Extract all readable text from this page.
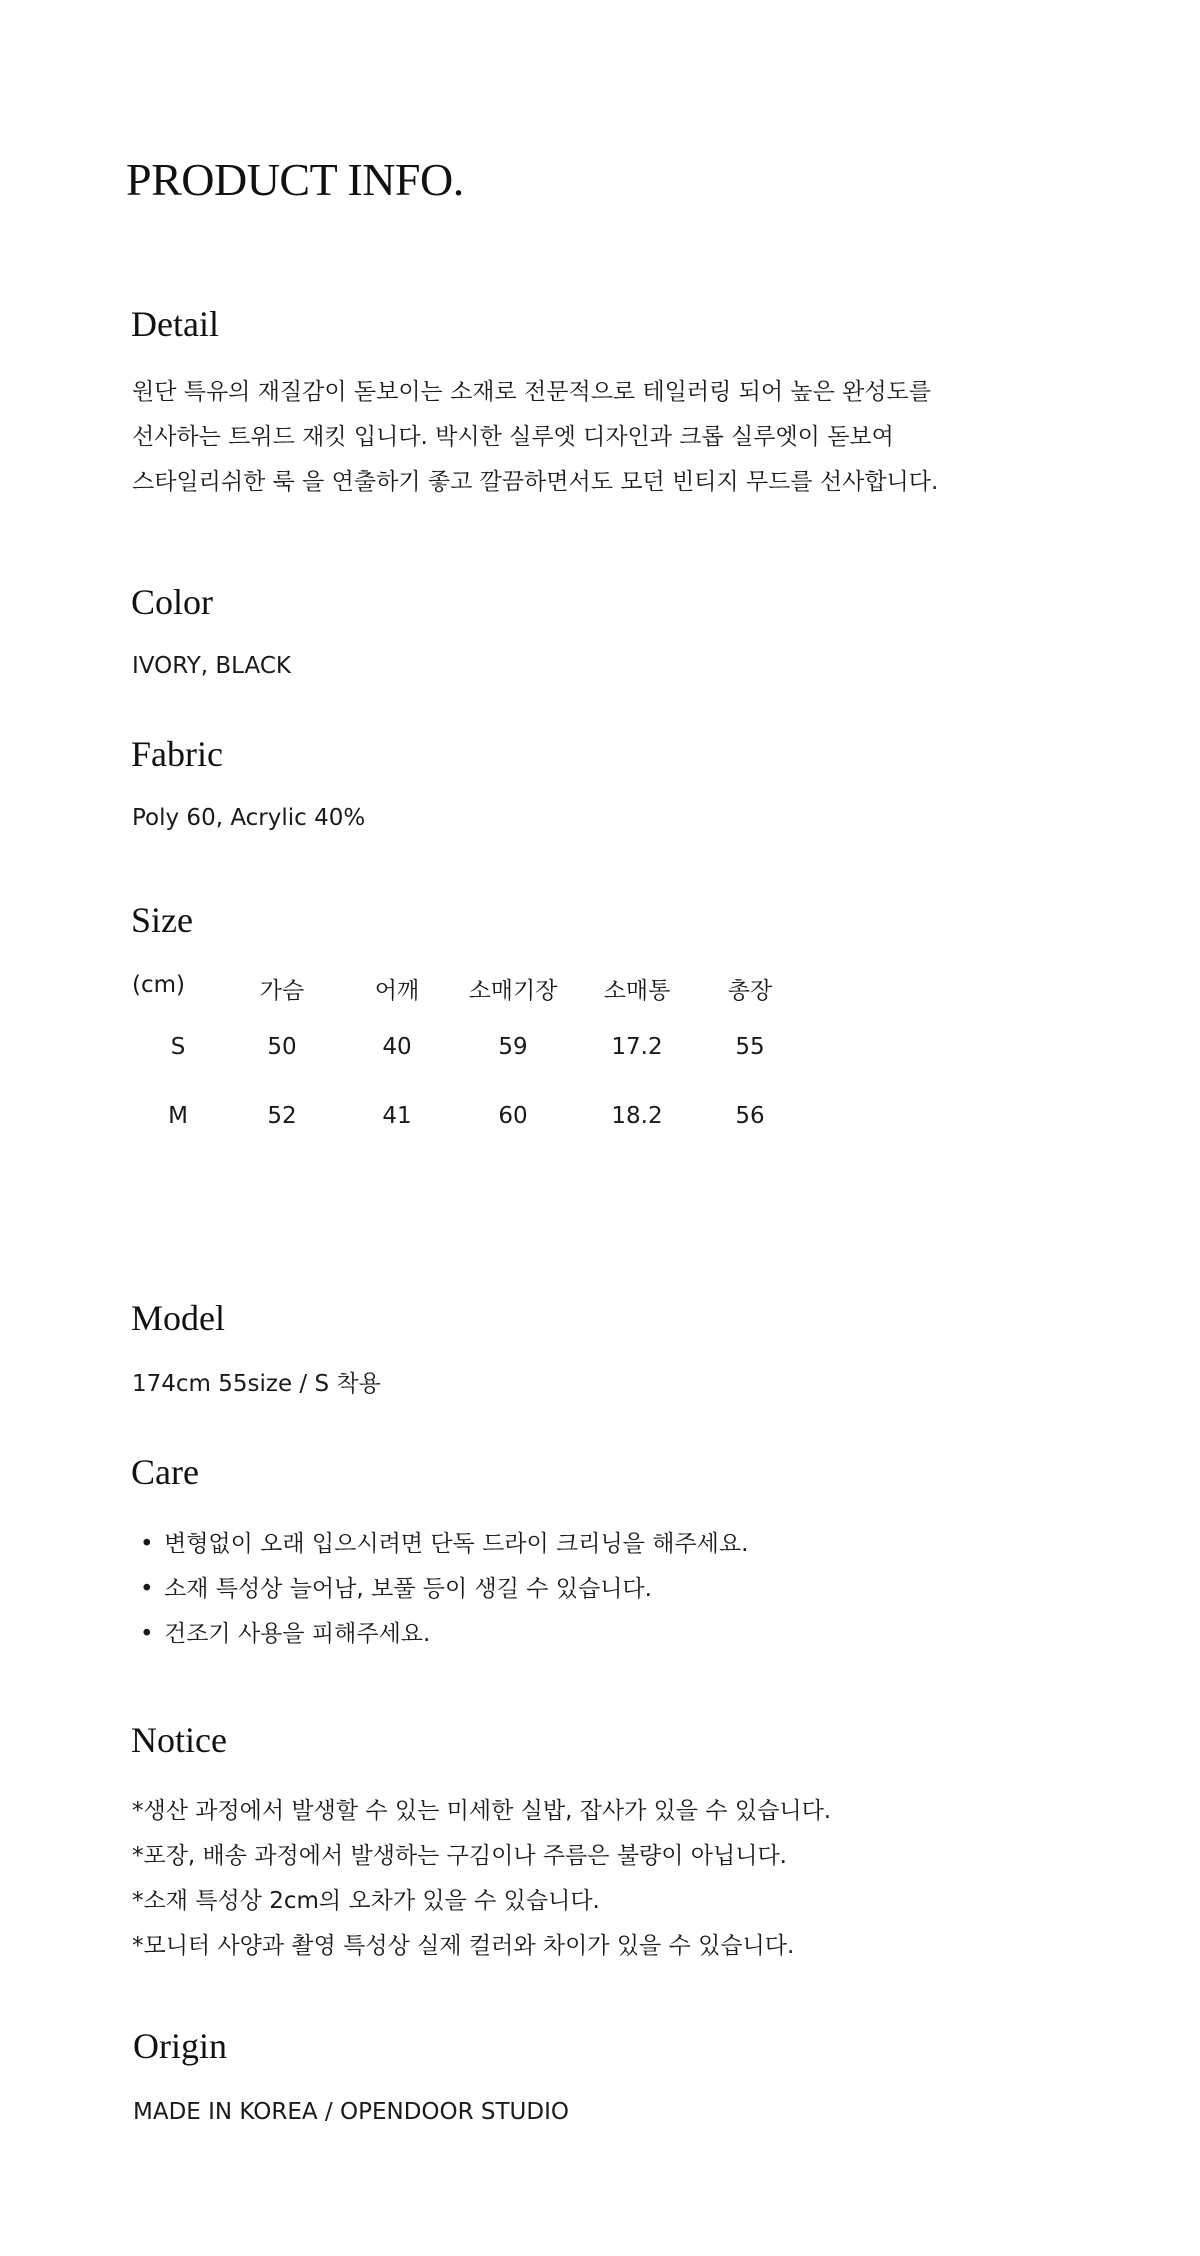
PRODUCT INFO.
Detail

원단 특유의 재질감이 돋보이는 소재로 전문적으로 테일러링 되어 높은 완성도를
선사하는 트위드 재킷 입니다. 박시한 실루엣 디자인과 크롭 실루엣이 돋보여
스타일리쉬한 룩 을 연출하기 좋고 깔끔하면서도 모던 빈티지 무드를 선사합니다.

Color
IVORY, BLACK
Fabric
Poly 60, Acrylic 40%
Size
(cm)	가슴	어깨	소매기장	소매통	총장
S	50	40	59	17.2	55
M	52	41	60	18.2	56
Model
174cm 55size / S 착용
Care
• 변형없이 오래 입으시려면 단독 드라이 크리닝을 해주세요.
• 소재 특성상 늘어남, 보풀 등이 생길 수 있습니다.
• 건조기 사용을 피해주세요.
Notice

*생산 과정에서 발생할 수 있는 미세한 실밥, 잡사가 있을 수 있습니다.
*포장, 배송 과정에서 발생하는 구김이나 주름은 불량이 아닙니다.
*소재 특성상 2cm의 오차가 있을 수 있습니다.
*모니터 사양과 촬영 특성상 실제 컬러와 차이가 있을 수 있습니다.

Origin
MADE IN KOREA / OPENDOOR STUDIO
